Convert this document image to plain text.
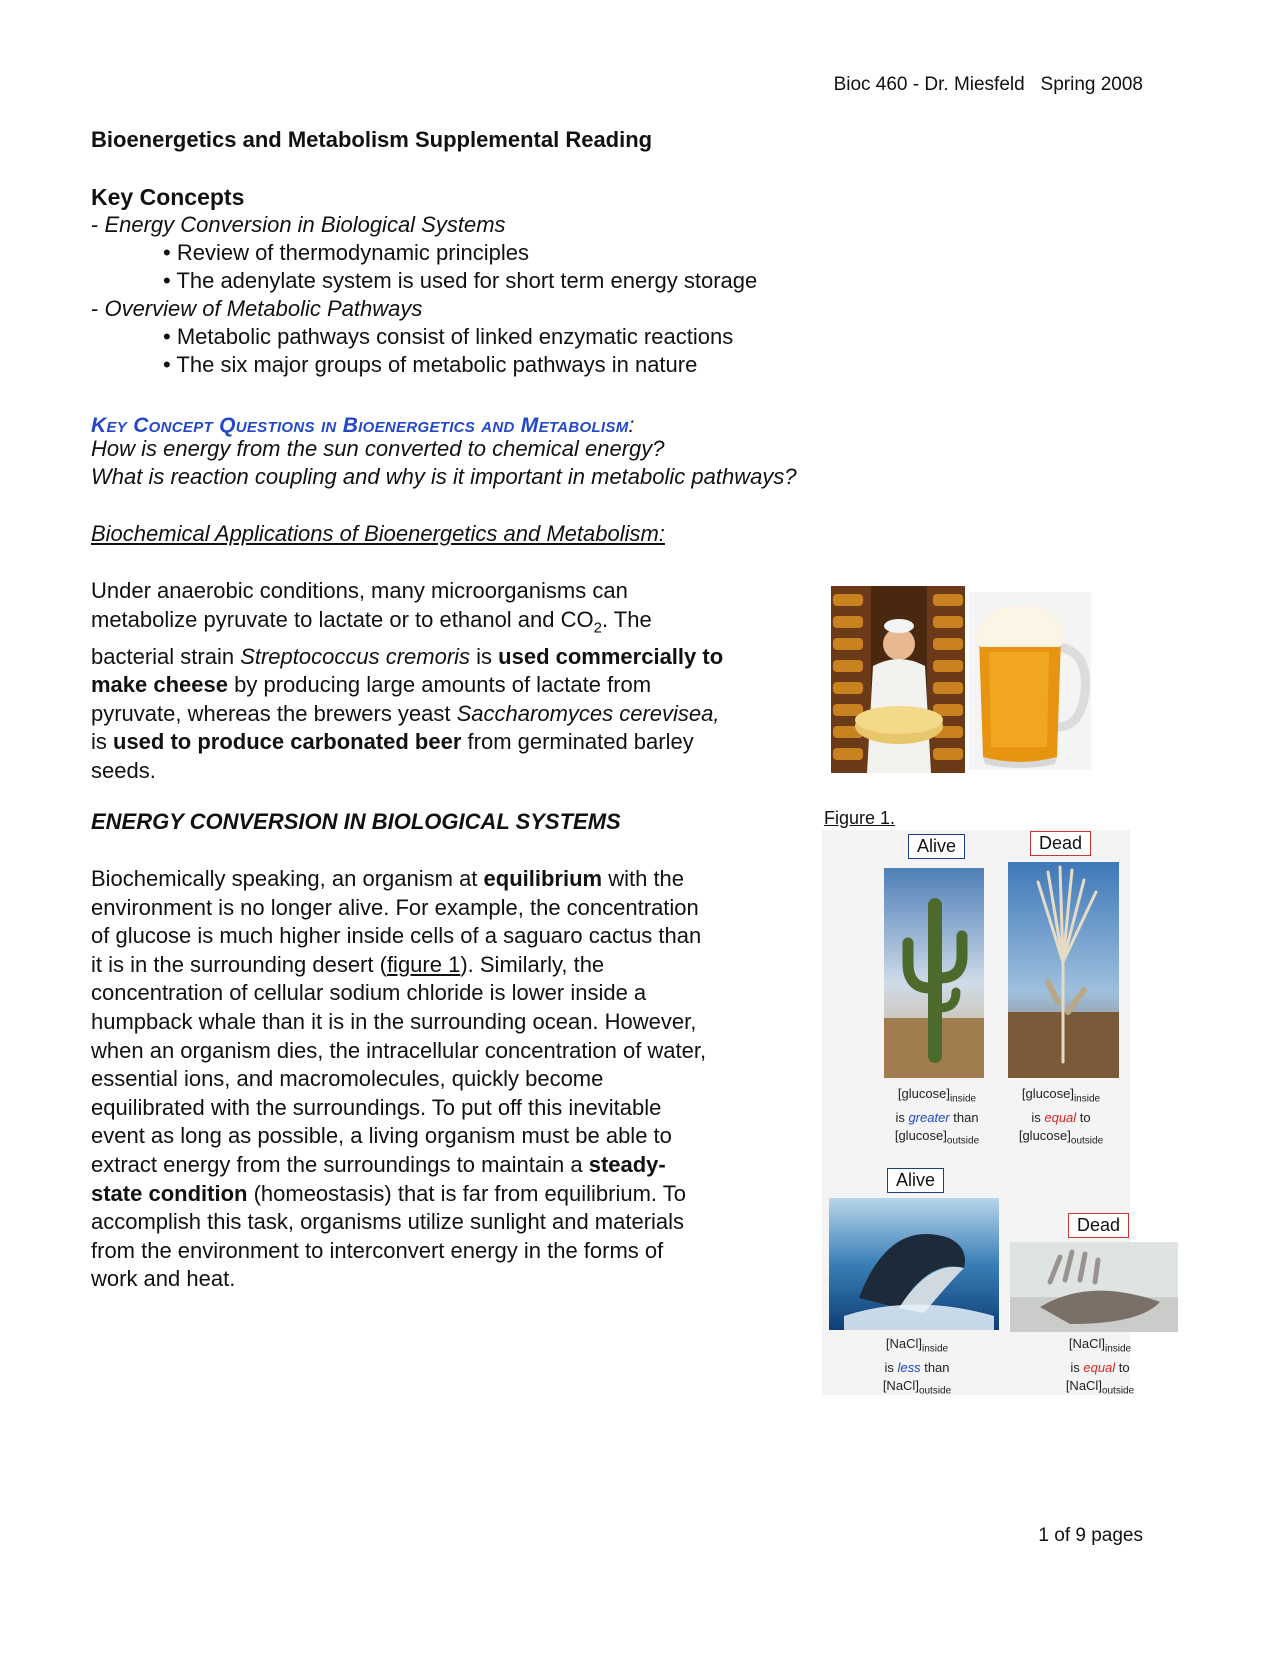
Bioc 460 - Dr. Miesfeld   Spring 2008
Bioenergetics and Metabolism Supplemental Reading
Key Concepts
- Energy Conversion in Biological Systems
• Review of thermodynamic principles
• The adenylate system is used for short term energy storage
- Overview of Metabolic Pathways
• Metabolic pathways consist of linked enzymatic reactions
• The six major groups of metabolic pathways in nature
Key Concept Questions in Bioenergetics and Metabolism:
How is energy from the sun converted to chemical energy?
What is reaction coupling and why is it important in metabolic pathways?
Biochemical Applications of Bioenergetics and Metabolism:

Under anaerobic conditions, many microorganisms can

metabolize pyruvate to lactate or to ethanol and $CO_2$. The

bacterial strain Streptococcus cremoris is used commercially to

make cheese by producing large amounts of lactate from

pyruvate, whereas the brewers yeast Saccharomyces cerevisea,

is used to produce carbonated beer from germinated barley

seeds.

ENERGY CONVERSION IN BIOLOGICAL SYSTEMS	Figure 1.

Biochemically speaking, an organism at equilibrium with the

environment is no longer alive. For example, the concentration

of glucose is much higher inside cells of a saguaro cactus than

it is in the surrounding desert (figure 1). Similarly, the

concentration of cellular sodium chloride is lower inside a

humpback whale than it is in the surrounding ocean. However,

when an organism dies, the intracellular concentration of water,

essential ions, and macromolecules, quickly become

equilibrated with the surroundings. To put off this inevitable

event as long as possible, a living organism must be able to

extract energy from the surroundings to maintain a steady-

state condition (homeostasis) that is far from equilibrium. To

accomplish this task, organisms utilize sunlight and materials

from the environment to interconvert energy in the forms of

work and heat.

Alive	Dead
$[glucose]_{inside}$
is greater than
$[glucose]_{outside}$
$[glucose]_{inside}$
is equal to
$[glucose]_{outside}$
Alive
Dead
$[NaCl]_{inside}$
is less than
$[NaCl]_{outside}$
$[NaCl]_{inside}$
is equal to
$[NaCl]_{outside}$
1 of 9 pages
